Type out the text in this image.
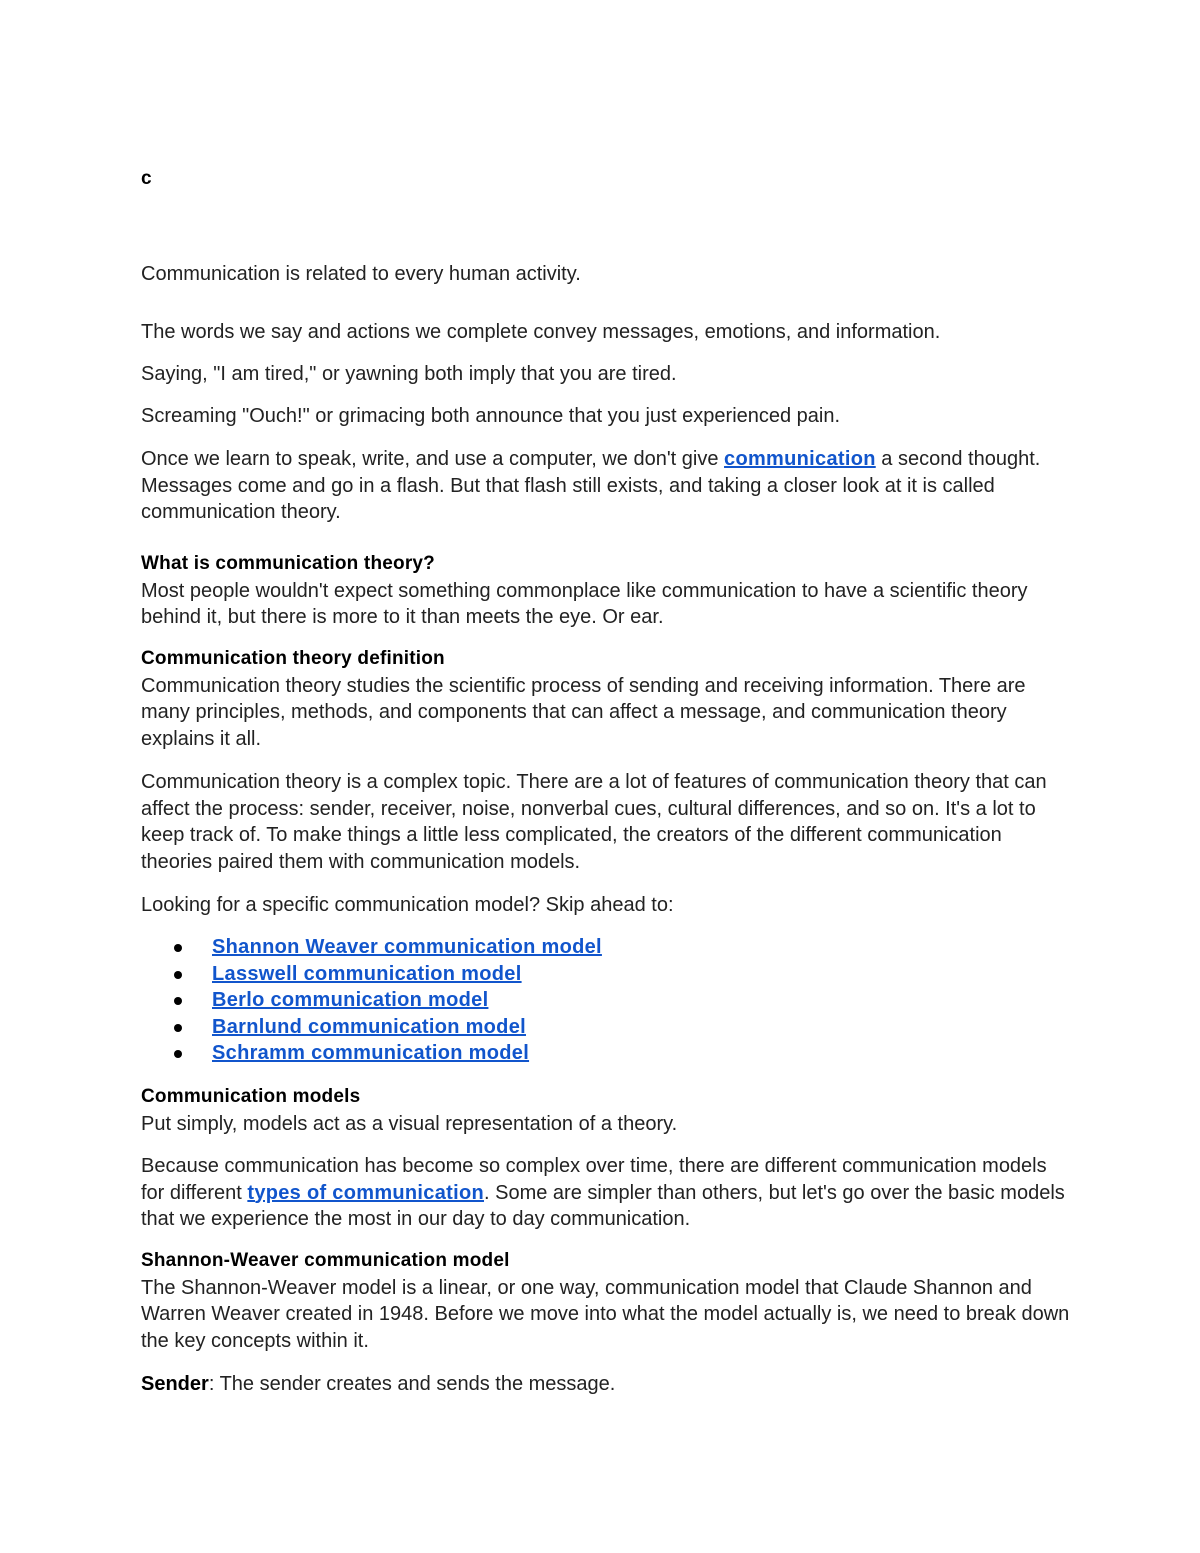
c

Communication is related to every human activity.

The words we say and actions we complete convey messages, emotions, and information.

Saying, "I am tired," or yawning both imply that you are tired.

Screaming "Ouch!" or grimacing both announce that you just experienced pain.

Once we learn to speak, write, and use a computer, we don't give communication a second thought. Messages come and go in a flash. But that flash still exists, and taking a closer look at it is called communication theory.

What is communication theory?

Most people wouldn't expect something commonplace like communication to have a scientific theory behind it, but there is more to it than meets the eye. Or ear.

Communication theory definition

Communication theory studies the scientific process of sending and receiving information. There are many principles, methods, and components that can affect a message, and communication theory explains it all.

Communication theory is a complex topic. There are a lot of features of communication theory that can affect the process: sender, receiver, noise, nonverbal cues, cultural differences, and so on. It's a lot to keep track of. To make things a little less complicated, the creators of the different communication theories paired them with communication models.

Looking for a specific communication model? Skip ahead to:

Shannon Weaver communication model
Lasswell communication model
Berlo communication model
Barnlund communication model
Schramm communication model

Communication models

Put simply, models act as a visual representation of a theory.

Because communication has become so complex over time, there are different communication models for different types of communication. Some are simpler than others, but let's go over the basic models that we experience the most in our day to day communication.

Shannon-Weaver communication model

The Shannon-Weaver model is a linear, or one way, communication model that Claude Shannon and Warren Weaver created in 1948. Before we move into what the model actually is, we need to break down the key concepts within it.

Sender: The sender creates and sends the message.
